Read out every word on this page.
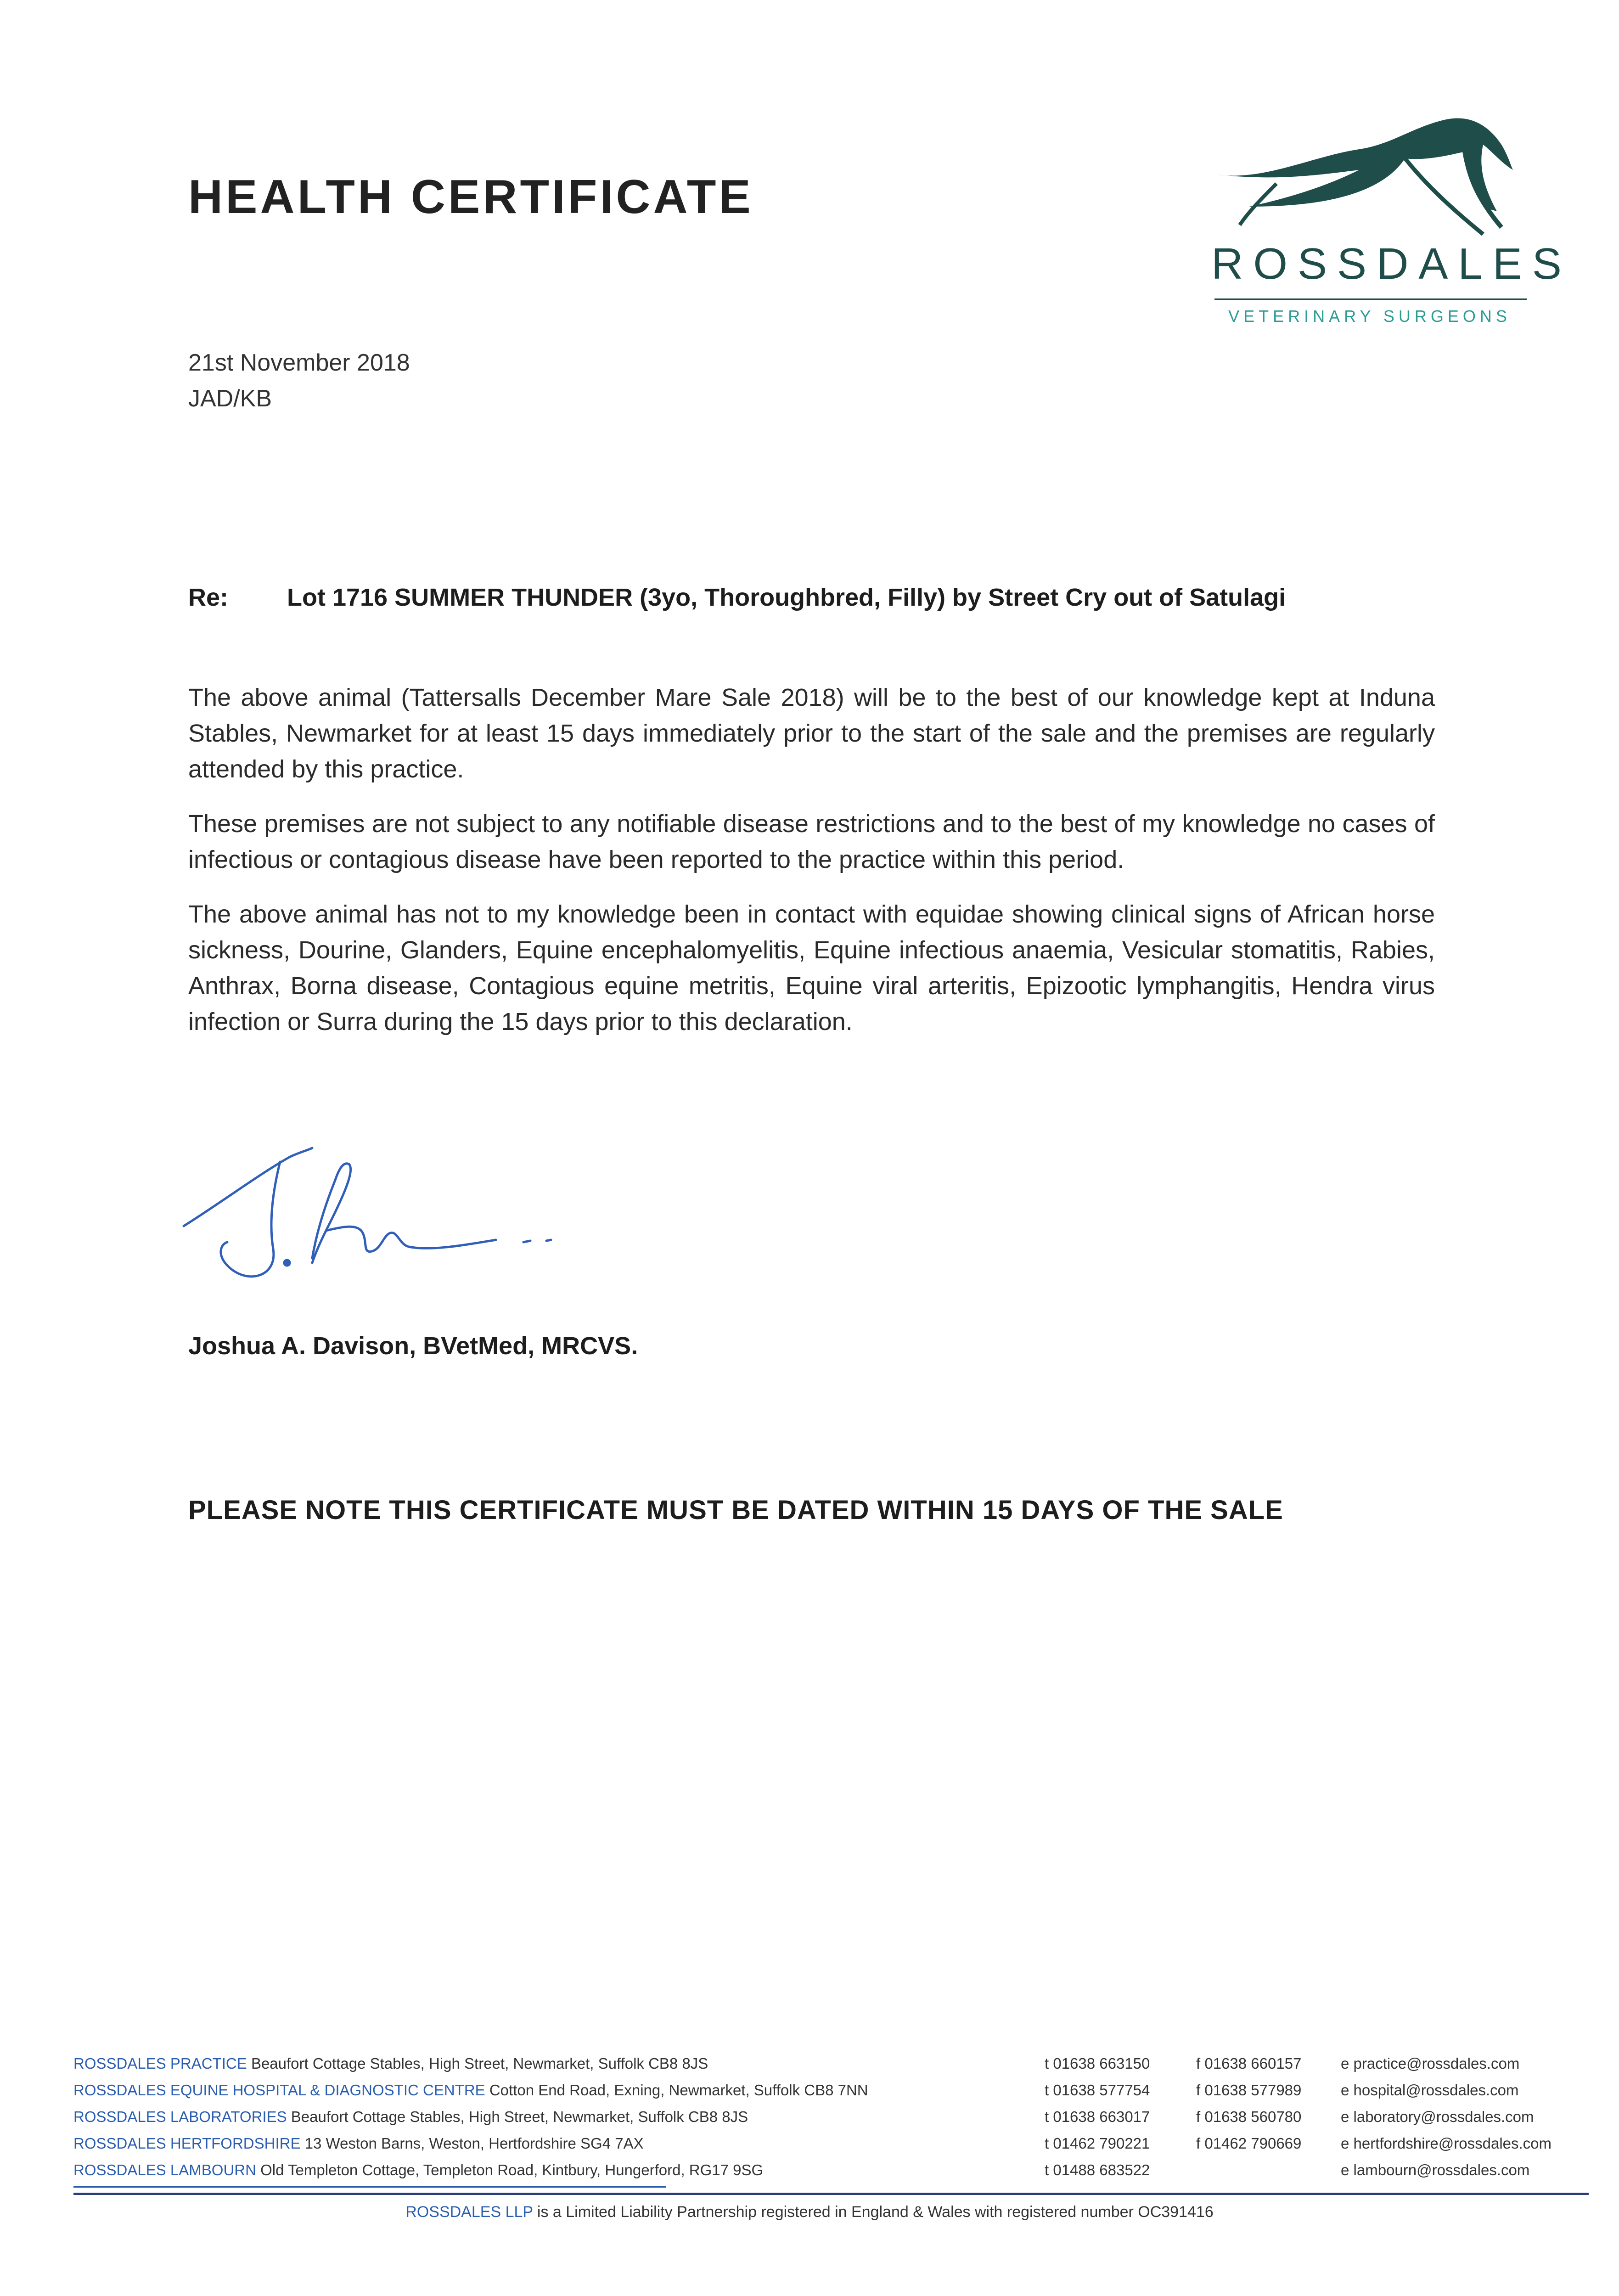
HEALTH CERTIFICATE
ROSSDALES
VETERINARY SURGEONS
21st November 2018
JAD/KB
Re: Lot 1716 SUMMER THUNDER (3yo, Thoroughbred, Filly) by Street Cry out of Satulagi
The above animal (Tattersalls December Mare Sale 2018) will be to the best of our knowledge kept at Induna Stables, Newmarket for at least 15 days immediately prior to the start of the sale and the premises are regularly attended by this practice.
These premises are not subject to any notifiable disease restrictions and to the best of my knowledge no cases of infectious or contagious disease have been reported to the practice within this period.
The above animal has not to my knowledge been in contact with equidae showing clinical signs of African horse sickness, Dourine, Glanders, Equine encephalomyelitis, Equine infectious anaemia, Vesicular stomatitis, Rabies, Anthrax, Borna disease, Contagious equine metritis, Equine viral arteritis, Epizootic lymphangitis, Hendra virus infection or Surra during the 15 days prior to this declaration.
Joshua A. Davison, BVetMed, MRCVS.
PLEASE NOTE THIS CERTIFICATE MUST BE DATED WITHIN 15 DAYS OF THE SALE
ROSSDALES PRACTICE Beaufort Cottage Stables, High Street, Newmarket, Suffolk CB8 8JS	t 01638 663150	f 01638 660157	e practice@rossdales.com
ROSSDALES EQUINE HOSPITAL & DIAGNOSTIC CENTRE Cotton End Road, Exning, Newmarket, Suffolk CB8 7NN	t 01638 577754	f 01638 577989	e hospital@rossdales.com
ROSSDALES LABORATORIES Beaufort Cottage Stables, High Street, Newmarket, Suffolk CB8 8JS	t 01638 663017	f 01638 560780	e laboratory@rossdales.com
ROSSDALES HERTFORDSHIRE 13 Weston Barns, Weston, Hertfordshire SG4 7AX	t 01462 790221	f 01462 790669	e hertfordshire@rossdales.com
ROSSDALES LAMBOURN Old Templeton Cottage, Templeton Road, Kintbury, Hungerford, RG17 9SG	t 01488 683522	e lambourn@rossdales.com
ROSSDALES LLP is a Limited Liability Partnership registered in England & Wales with registered number OC391416
